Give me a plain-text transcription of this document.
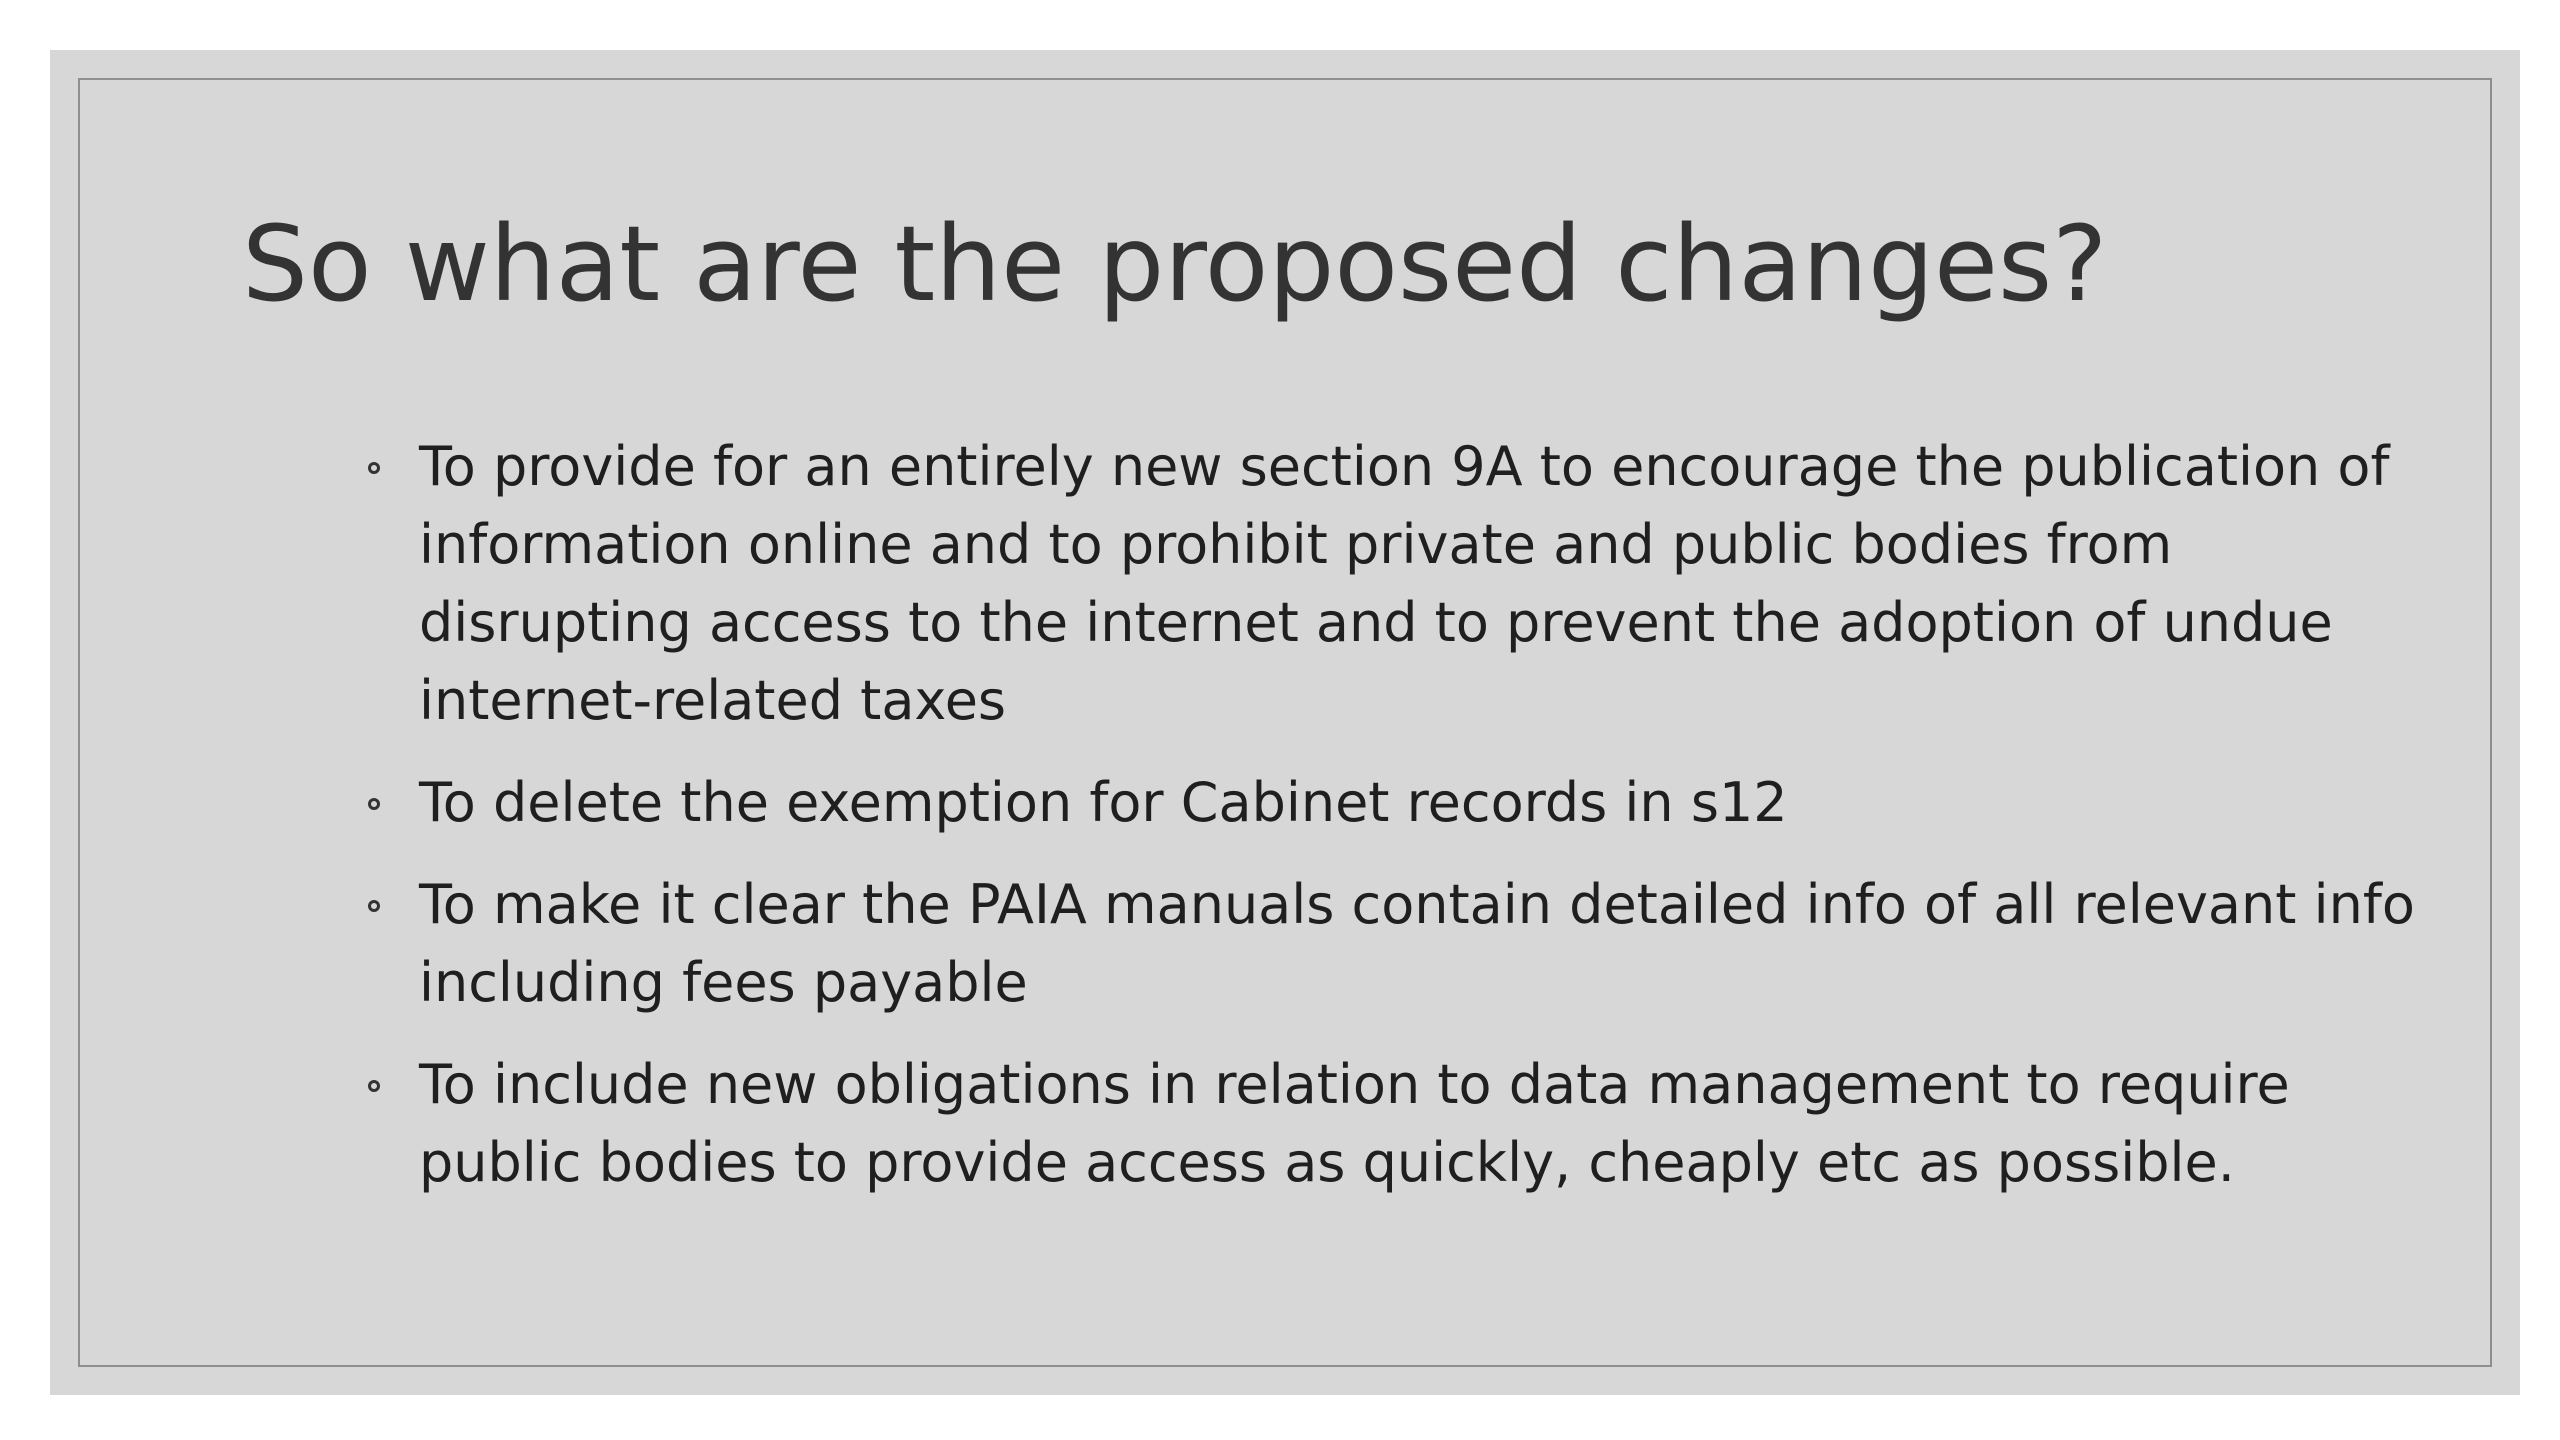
So what are the proposed changes?
To provide for an entirely new section 9A to encourage the publication of information online and to prohibit private and public bodies from disrupting access to the internet and to prevent the adoption of undue internet-related taxes
To delete the exemption for Cabinet records in s12
To make it clear the PAIA manuals contain detailed info of all relevant info including fees payable
To include new obligations in relation to data management to require public bodies to provide access as quickly, cheaply etc as possible.
